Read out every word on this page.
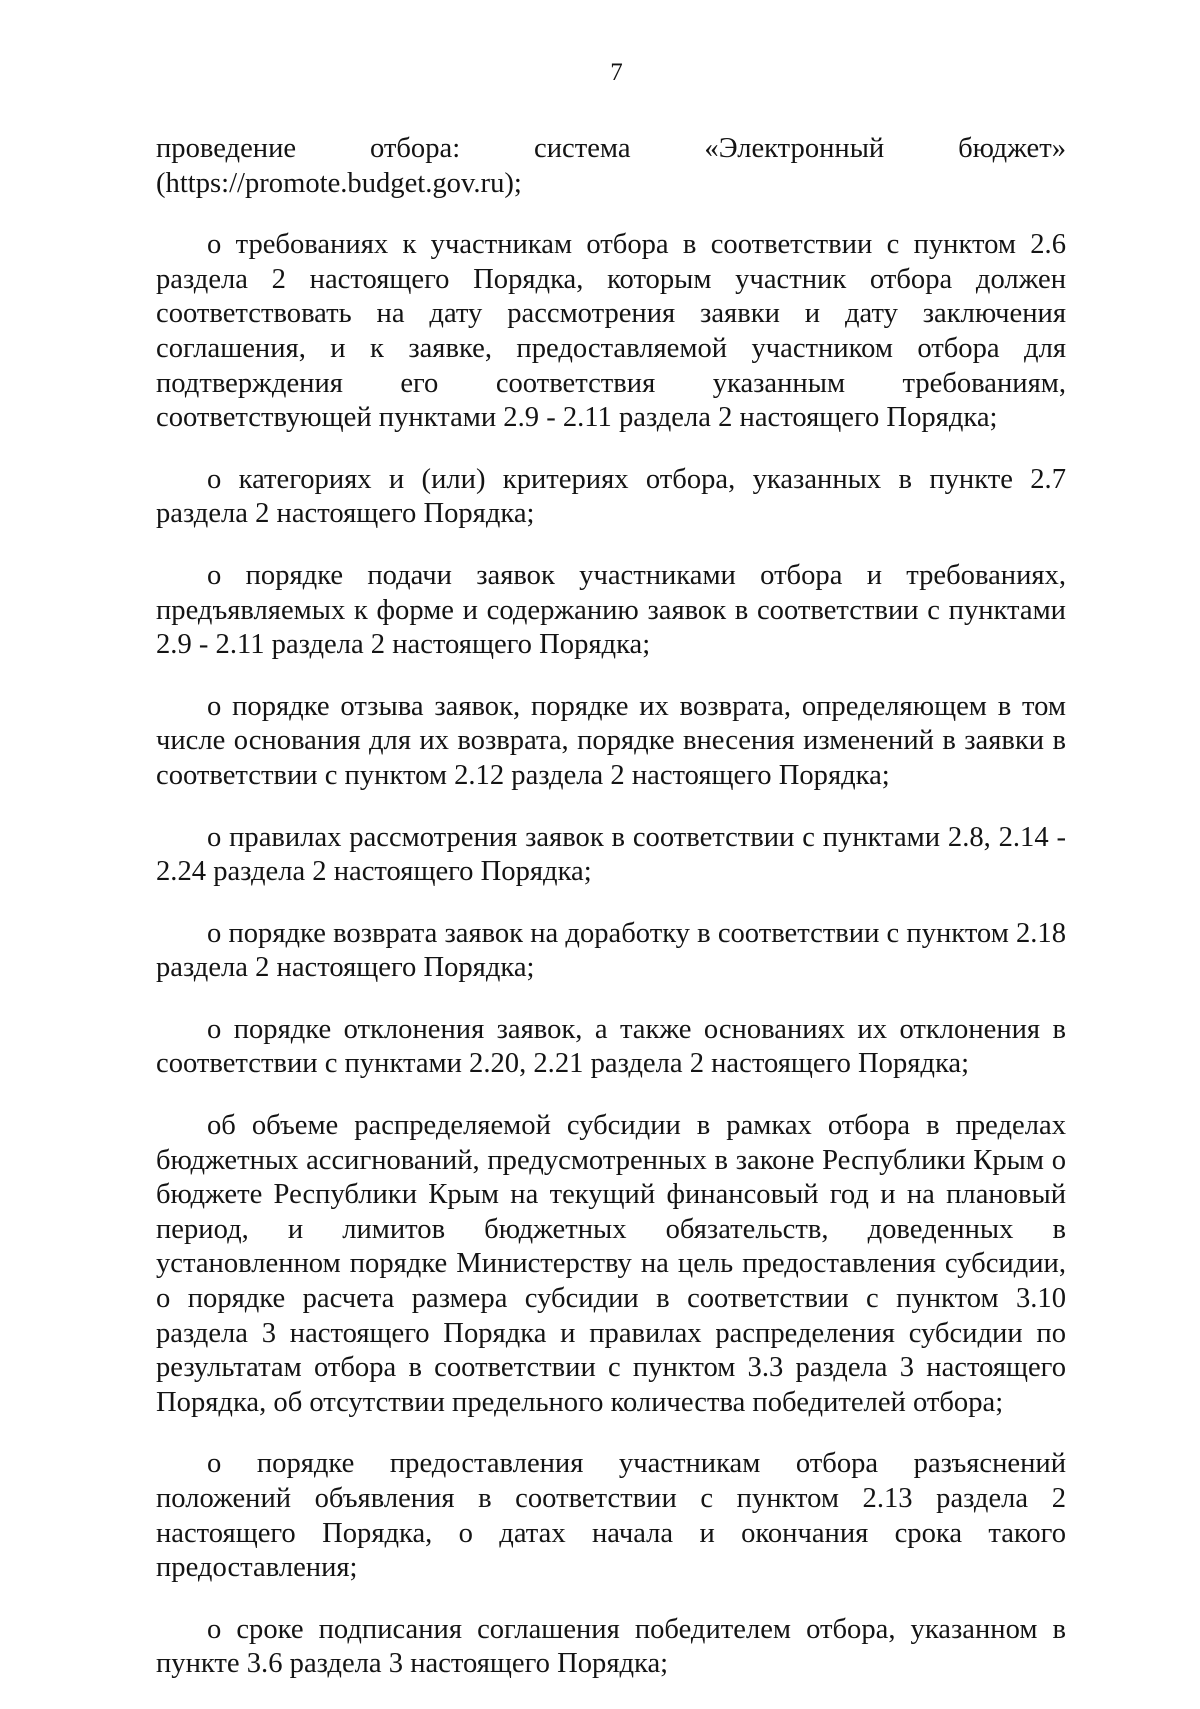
7

проведение отбора: система «Электронный бюджет»
(https://promote.budget.gov.ru);

о требованиях к участникам отбора в соответствии с пунктом 2.6 раздела 2 настоящего Порядка, которым участник отбора должен соответствовать на дату рассмотрения заявки и дату заключения соглашения, и к заявке, предоставляемой участником отбора для подтверждения его соответствия указанным требованиям, соответствующей пунктами 2.9 - 2.11 раздела 2 настоящего Порядка;

о категориях и (или) критериях отбора, указанных в пункте 2.7 раздела 2 настоящего Порядка;

о порядке подачи заявок участниками отбора и требованиях, предъявляемых к форме и содержанию заявок в соответствии с пунктами 2.9 - 2.11 раздела 2 настоящего Порядка;

о порядке отзыва заявок, порядке их возврата, определяющем в том числе основания для их возврата, порядке внесения изменений в заявки в соответствии с пунктом 2.12 раздела 2 настоящего Порядка;

о правилах рассмотрения заявок в соответствии с пунктами 2.8, 2.14 - 2.24 раздела 2 настоящего Порядка;

о порядке возврата заявок на доработку в соответствии с пунктом 2.18 раздела 2 настоящего Порядка;

о порядке отклонения заявок, а также основаниях их отклонения в соответствии с пунктами 2.20, 2.21 раздела 2 настоящего Порядка;

об объеме распределяемой субсидии в рамках отбора в пределах бюджетных ассигнований, предусмотренных в законе Республики Крым о бюджете Республики Крым на текущий финансовый год и на плановый период, и лимитов бюджетных обязательств, доведенных в установленном порядке Министерству на цель предоставления субсидии, о порядке расчета размера субсидии в соответствии с пунктом 3.10 раздела 3 настоящего Порядка и правилах распределения субсидии по результатам отбора в соответствии с пунктом 3.3 раздела 3 настоящего Порядка, об отсутствии предельного количества победителей отбора;

о порядке предоставления участникам отбора разъяснений положений объявления в соответствии с пунктом 2.13 раздела 2 настоящего Порядка, о датах начала и окончания срока такого предоставления;

о сроке подписания соглашения победителем отбора, указанном в пункте 3.6 раздела 3 настоящего Порядка;
